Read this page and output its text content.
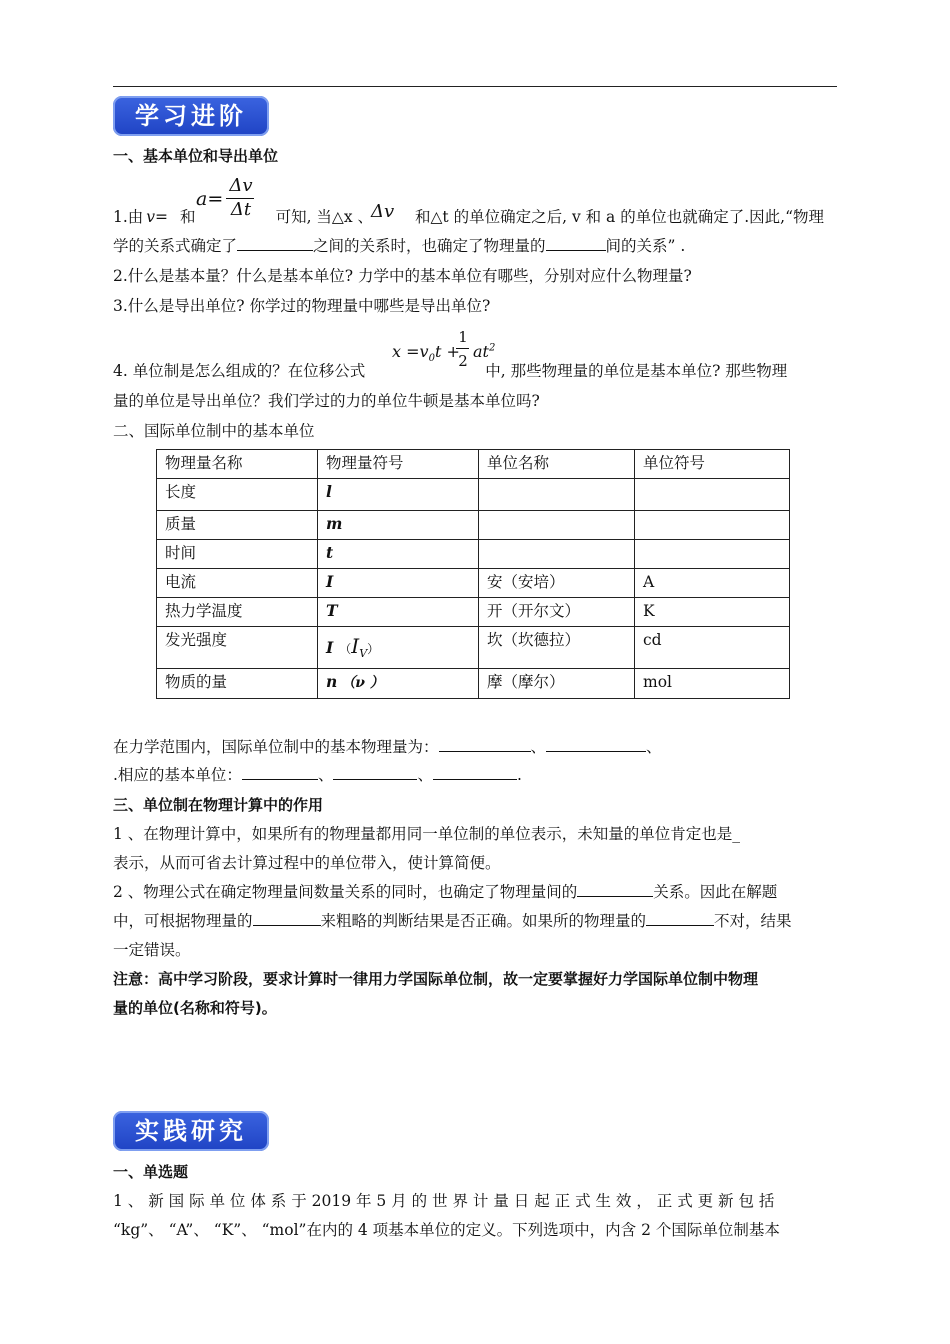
学习进阶
一、基本单位和导出单位
a=
Δv
Δt	Δv
1.由 v= 和	可知, 当△x 、	和△t 的单位确定之后, v 和 a 的单位也就确定了.因此,“物理
学的关系式确定了	之间的关系时，也确定了物理量的	间的关系” .
2.什么是基本量？什么是基本单位? 力学中的基本单位有哪些，分别对应什么物理量?
3.什么是导出单位? 你学过的物理量中哪些是导出单位?
$x =v_0t$ +
1
2 $at^2$
4. 单位制是怎么组成的？在位移公式	中, 那些物理量的单位是基本单位? 那些物理
量的单位是导出单位？我们学过的力的单位牛顿是基本单位吗?
二、国际单位制中的基本单位
物理量名称	物理量符号	单位名称	单位符号
长度	l		
质量	m		
时间	t		
电流	I	安（安培）	A
热力学温度	T	开（开尔文）	K
发光强度	I $(I_V)$	坎（坎德拉）	cd
物质的量	n （ν ）	摩（摩尔）	mol
在力学范围内，国际单位制中的基本物理量为：	、	、
.相应的基本单位：	、	、	.
三、单位制在物理计算中的作用
1 、在物理计算中，如果所有的物理量都用同一单位制的单位表示，未知量的单位肯定也是_
表示，从而可省去计算过程中的单位带入，使计算简便。
2 、物理公式在确定物理量间数量关系的同时，也确定了物理量间的	关系。因此在解题
中，可根据物理量的	来粗略的判断结果是否正确。如果所的物理量的	不对，结果
一定错误。
注意：高中学习阶段，要求计算时一律用力学国际单位制，故一定要掌握好力学国际单位制中物理
量的单位(名称和符号)。
实践研究
一、单选题
1 、 新 国 际 单 位 体 系 于 2019 年 5 月 的 世 界 计 量 日 起 正 式 生 效 ， 正 式 更 新 包 括
“kg”、 “A”、 “K”、 “mol”在内的 4 项基本单位的定义。下列选项中，内含 2 个国际单位制基本
